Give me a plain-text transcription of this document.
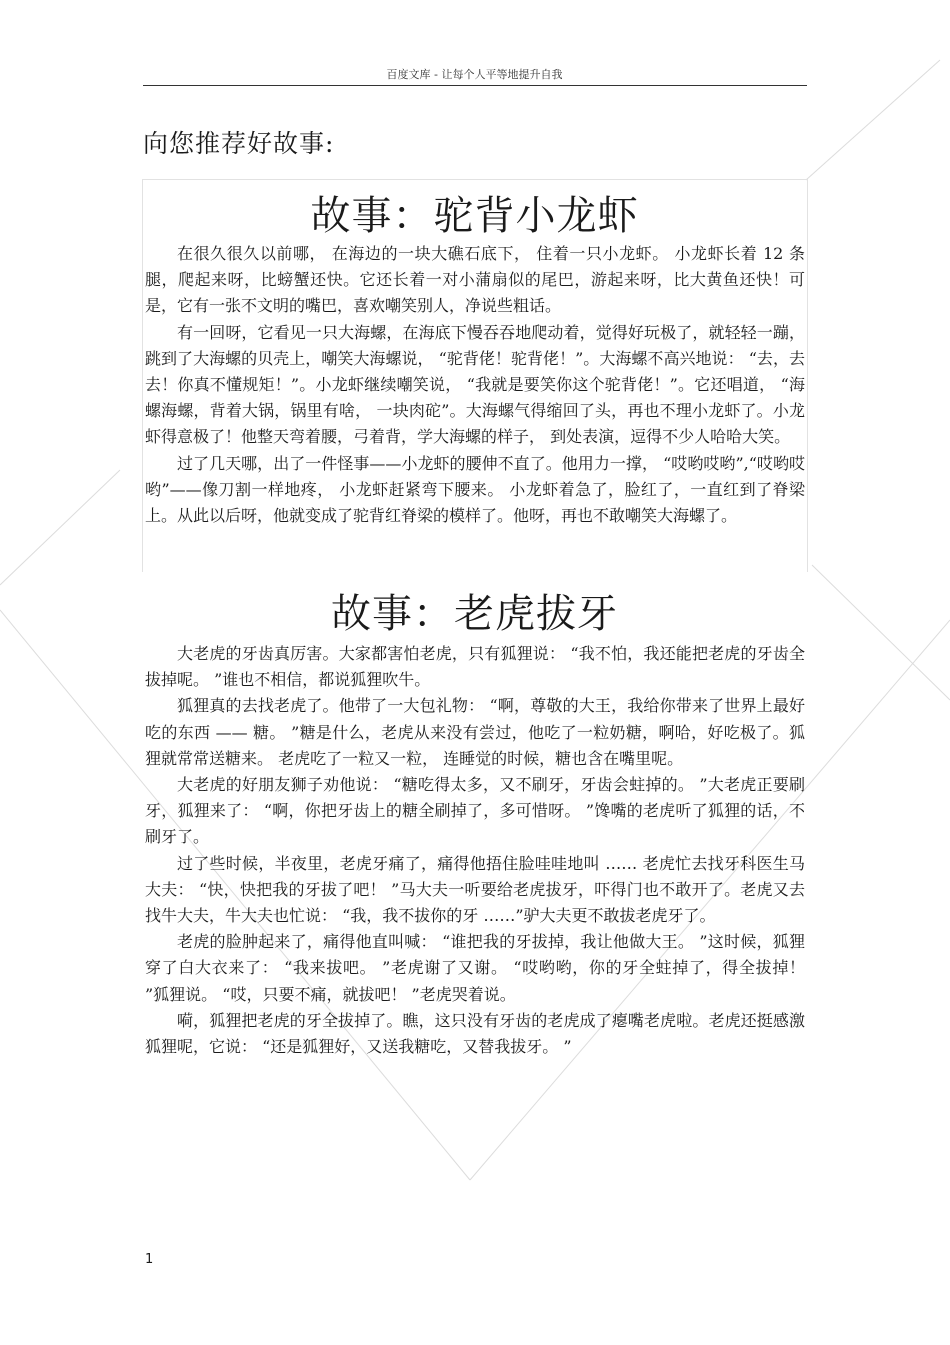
百度文库 - 让每个人平等地提升自我
向您推荐好故事:
故事：驼背小龙虾

在很久很久以前哪， 在海边的一块大礁石底下， 住着一只小龙虾。 小龙虾长着 12 条腿，爬起来呀，比螃蟹还快。它还长着一对小蒲扇似的尾巴，游起来呀，比大黄鱼还快！可是，它有一张不文明的嘴巴，喜欢嘲笑别人，净说些粗话。

有一回呀，它看见一只大海螺，在海底下慢吞吞地爬动着，觉得好玩极了，就轻轻一蹦，跳到了大海螺的贝壳上，嘲笑大海螺说， “驼背佬！驼背佬！”。大海螺不高兴地说： “去，去去！你真不懂规矩！”。小龙虾继续嘲笑说， “我就是要笑你这个驼背佬！”。它还唱道， “海螺海螺，背着大锅，锅里有啥， 一块肉砣”。大海螺气得缩回了头，再也不理小龙虾了。小龙虾得意极了！他整天弯着腰，弓着背，学大海螺的样子， 到处表演，逗得不少人哈哈大笑。

过了几天哪，出了一件怪事——小龙虾的腰伸不直了。他用力一撑， “哎哟哎哟”,“哎哟哎哟”——像刀割一样地疼， 小龙虾赶紧弯下腰来。 小龙虾着急了，脸红了，一直红到了脊梁上。从此以后呀，他就变成了驼背红脊梁的模样了。他呀，再也不敢嘲笑大海螺了。

故事：老虎拔牙

大老虎的牙齿真厉害。大家都害怕老虎，只有狐狸说： “我不怕，我还能把老虎的牙齿全拔掉呢。 ”谁也不相信，都说狐狸吹牛。

狐狸真的去找老虎了。他带了一大包礼物： “啊，尊敬的大王，我给你带来了世界上最好吃的东西 —— 糖。 ”糖是什么，老虎从来没有尝过，他吃了一粒奶糖，啊哈，好吃极了。狐狸就常常送糖来。 老虎吃了一粒又一粒， 连睡觉的时候，糖也含在嘴里呢。

大老虎的好朋友狮子劝他说： “糖吃得太多，又不刷牙，牙齿会蛀掉的。 ”大老虎正要刷牙，狐狸来了： “啊，你把牙齿上的糖全刷掉了，多可惜呀。 ”馋嘴的老虎听了狐狸的话，不刷牙了。

过了些时候，半夜里，老虎牙痛了，痛得他捂住脸哇哇地叫 …… 老虎忙去找牙科医生马大夫： “快，快把我的牙拔了吧！ ”马大夫一听要给老虎拔牙，吓得门也不敢开了。老虎又去找牛大夫，牛大夫也忙说： “我，我不拔你的牙 ……”驴大夫更不敢拔老虎牙了。

老虎的脸肿起来了，痛得他直叫喊： “谁把我的牙拔掉，我让他做大王。 ”这时候，狐狸穿了白大衣来了： “我来拔吧。 ”老虎谢了又谢。 “哎哟哟，你的牙全蛀掉了，得全拔掉！ ”狐狸说。 “哎，只要不痛，就拔吧！ ”老虎哭着说。

嗬，狐狸把老虎的牙全拔掉了。瞧，这只没有牙齿的老虎成了瘪嘴老虎啦。老虎还挺感激狐狸呢，它说： “还是狐狸好，又送我糖吃，又替我拔牙。 ”

1
